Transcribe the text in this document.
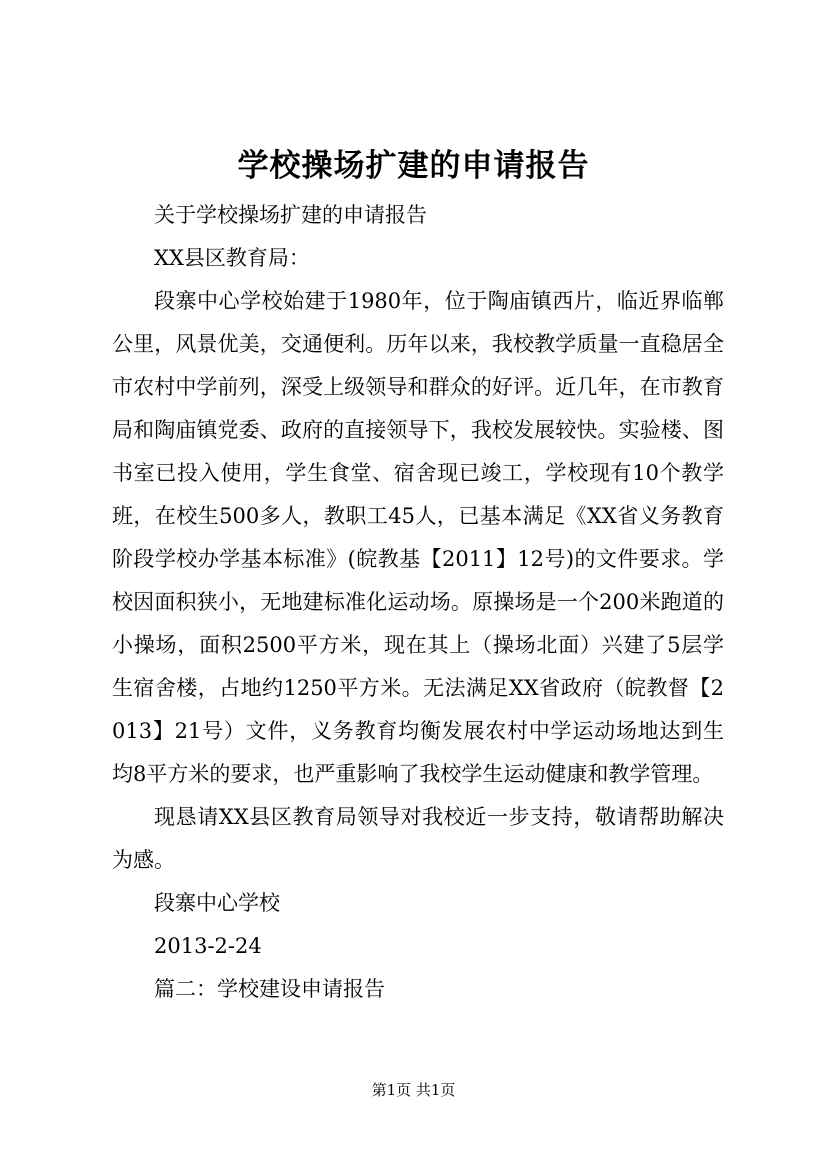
学校操场扩建的申请报告

关于学校操场扩建的申请报告

XX县区教育局：

段寨中心学校始建于1980年，位于陶庙镇西片，临近界临郸公里，风景优美，交通便利。历年以来，我校教学质量一直稳居全市农村中学前列，深受上级领导和群众的好评。近几年，在市教育局和陶庙镇党委、政府的直接领导下，我校发展较快。实验楼、图书室已投入使用，学生食堂、宿舍现已竣工，学校现有10个教学班，在校生500多人，教职工45人，已基本满足《XX省义务教育阶段学校办学基本标准》(皖教基【2011】12号)的文件要求。学校因面积狭小，无地建标准化运动场。原操场是一个200米跑道的小操场，面积2500平方米，现在其上（操场北面）兴建了5层学生宿舍楼，占地约1250平方米。无法满足XX省政府（皖教督【2013】21号）文件，义务教育均衡发展农村中学运动场地达到生均8平方米的要求，也严重影响了我校学生运动健康和教学管理。

现恳请XX县区教育局领导对我校近一步支持，敬请帮助解决为感。

段寨中心学校

2013-2-24

篇二：学校建设申请报告

第1页 共1页
